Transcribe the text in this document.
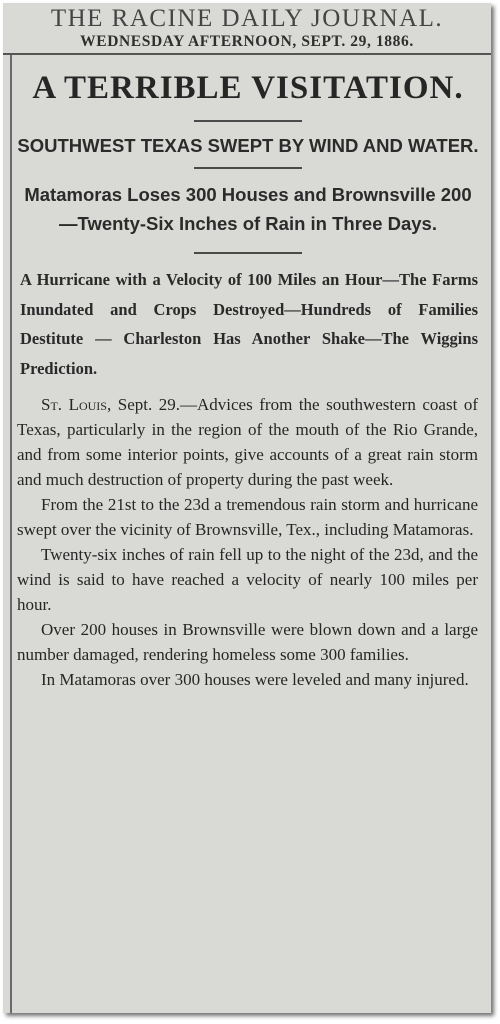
THE RACINE DAILY JOURNAL.
WEDNESDAY AFTERNOON, SEPT. 29, 1886.
A TERRIBLE VISITATION.
SOUTHWEST TEXAS SWEPT BY WIND AND WATER.
Matamoras Loses 300 Houses and Brownsville 200—Twenty-Six Inches of Rain in Three Days.
A Hurricane with a Velocity of 100 Miles an Hour—The Farms Inundated and Crops Destroyed—Hundreds of Families Destitute — Charleston Has Another Shake—The Wiggins Prediction.

St. Louis, Sept. 29.—Advices from the southwestern coast of Texas, particularly in the region of the mouth of the Rio Grande, and from some interior points, give accounts of a great rain storm and much destruction of property during the past week.

From the 21st to the 23d a tremendous rain storm and hurricane swept over the vicinity of Brownsville, Tex., including Matamoras.

Twenty-six inches of rain fell up to the night of the 23d, and the wind is said to have reached a velocity of nearly 100 miles per hour.

Over 200 houses in Brownsville were blown down and a large number damaged, rendering homeless some 300 families.

In Matamoras over 300 houses were leveled and many injured.
